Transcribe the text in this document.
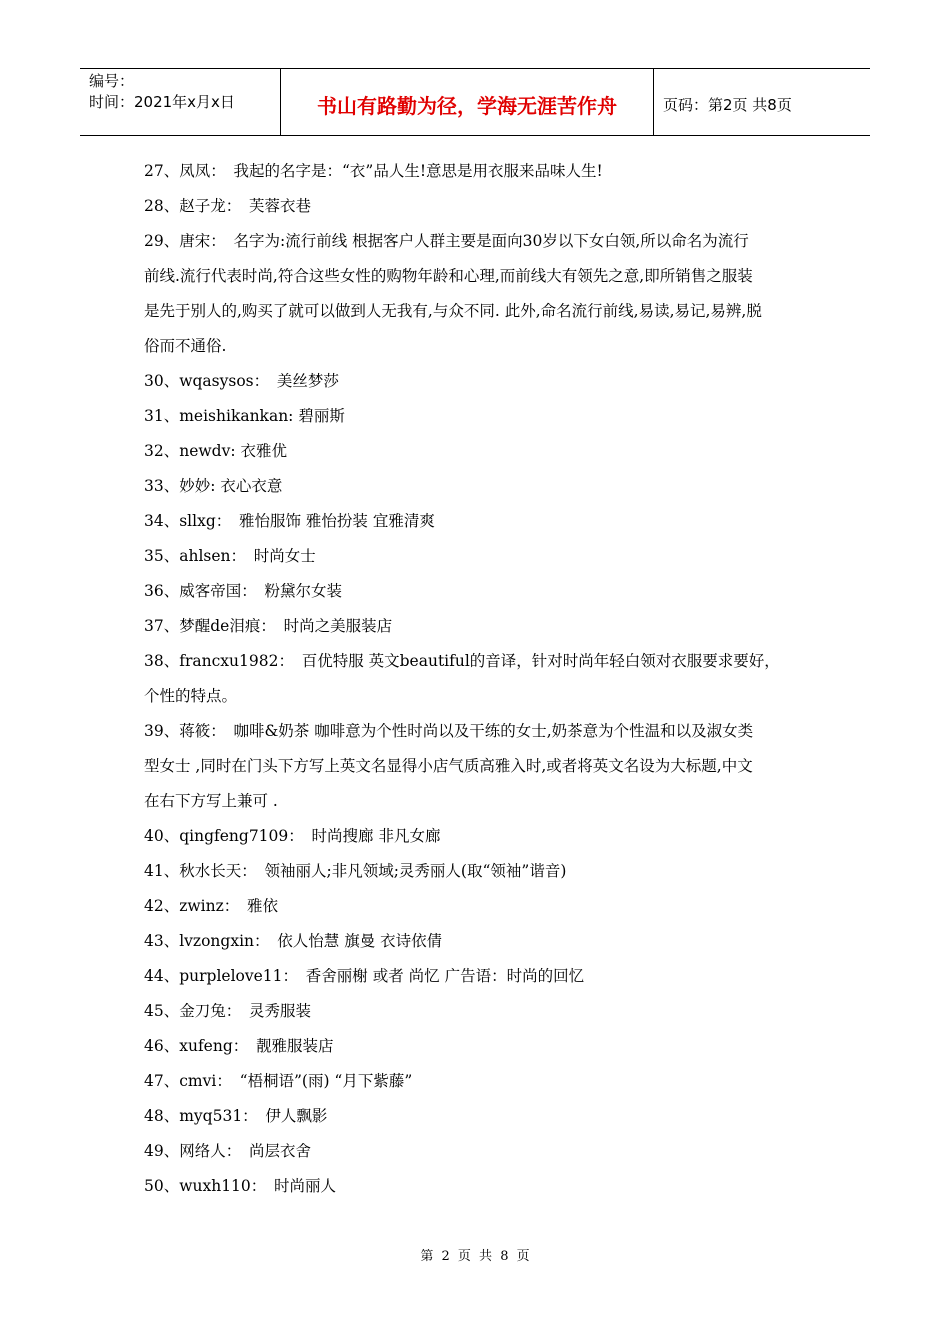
编号：
时间：2021年x月x日	书山有路勤为径，学海无涯苦作舟	页码：第2页 共8页
27、凤凤：　我起的名字是：“衣”品人生!意思是用衣服来品味人生!
28、赵子龙：　芙蓉衣巷
29、唐宋：　名字为:流行前线 根据客户人群主要是面向30岁以下女白领,所以命名为流行
前线.流行代表时尚,符合这些女性的购物年龄和心理,而前线大有领先之意,即所销售之服装
是先于别人的,购买了就可以做到人无我有,与众不同. 此外,命名流行前线,易读,易记,易辨,脱
俗而不通俗.
30、wqasysos：　美丝梦莎
31、meishikankan: 碧丽斯
32、newdv: 衣雅优
33、妙妙: 衣心衣意
34、sllxg：　雅怡服饰 雅怡扮装 宜雅清爽
35、ahlsen：　时尚女士
36、威客帝国：　粉黛尔女装
37、梦醒de泪痕：　时尚之美服装店
38、francxu1982：　百优特服 英文beautiful的音译，针对时尚年轻白领对衣服要求要好，
个性的特点。
39、蒋筱：　咖啡&奶茶 咖啡意为个性时尚以及干练的女士,奶茶意为个性温和以及淑女类
型女士 ,同时在门头下方写上英文名显得小店气质高雅入时,或者将英文名设为大标题,中文
在右下方写上兼可 .
40、qingfeng7109：　时尚搜廊 非凡女廊
41、秋水长天：　领袖丽人;非凡领域;灵秀丽人(取“领袖”谐音)
42、zwinz：　雅依
43、lvzongxin：　依人怡慧 旗曼 衣诗依倩
44、purplelove11：　香舍丽榭 或者 尚忆 广告语：时尚的回忆
45、金刀兔：　灵秀服装
46、xufeng：　靓雅服装店
47、cmvi：　“梧桐语”(雨) “月下紫藤”
48、myq531：　伊人飘影
49、网络人：　尚层衣舍
50、wuxh110：　时尚丽人
第 2 页 共 8 页
